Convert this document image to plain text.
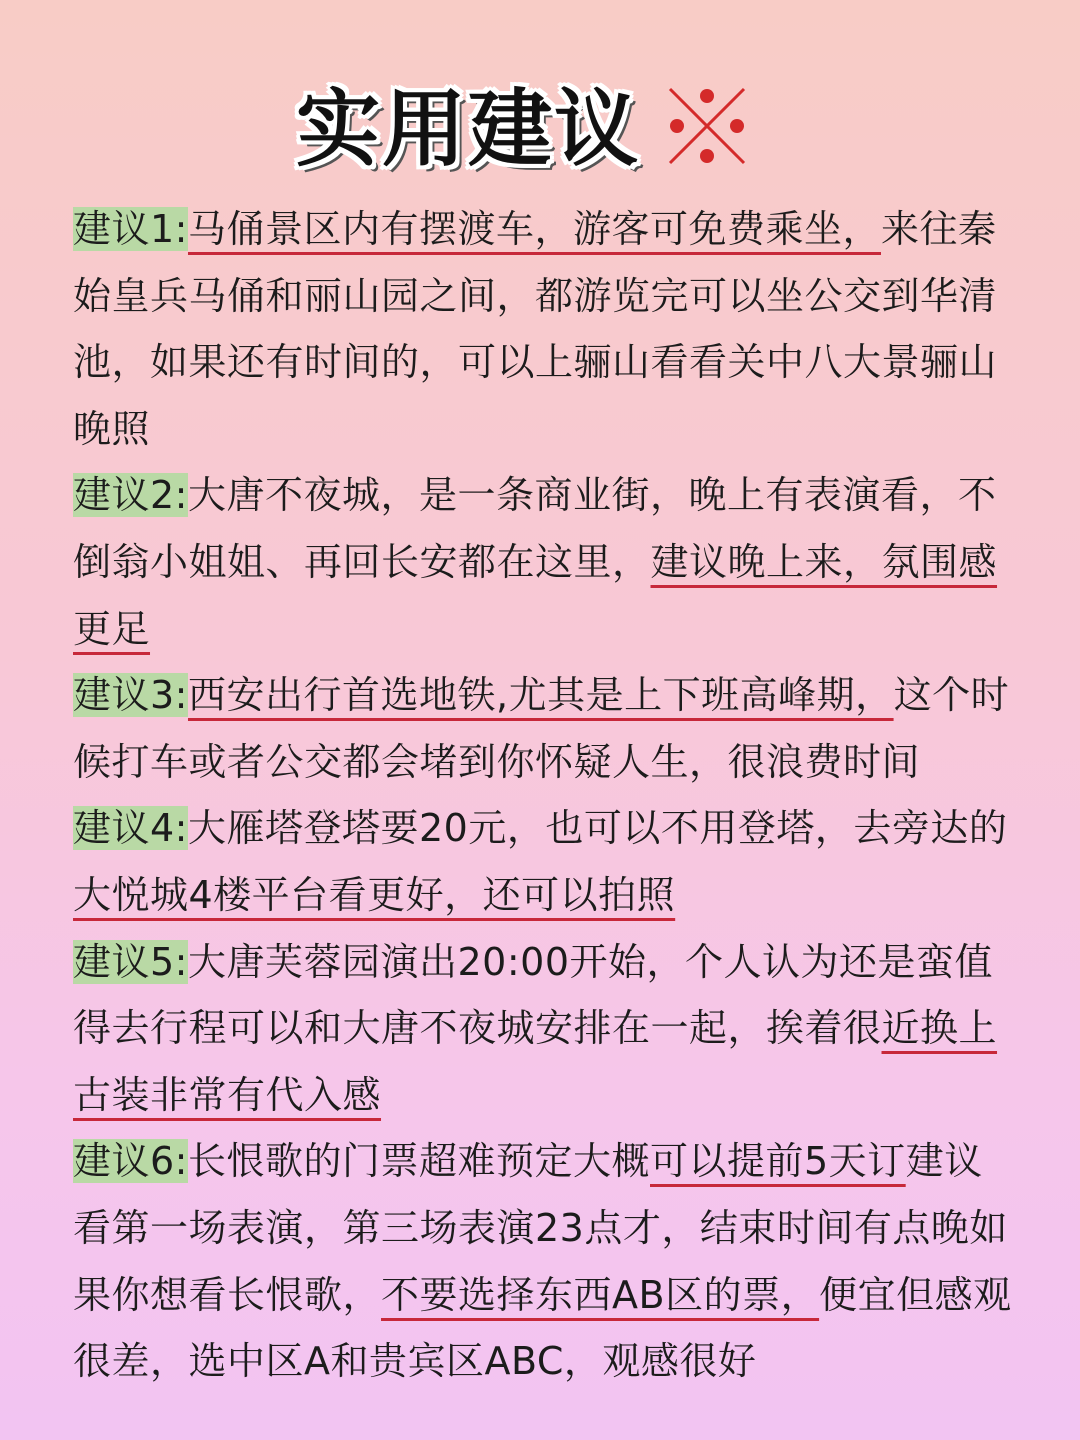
实用建议

建议1:马俑景区内有摆渡车，游客可免费乘坐，来往秦始皇兵马俑和丽山园之间，都游览完可以坐公交到华清池，如果还有时间的，可以上骊山看看关中八大景骊山晚照

建议2:大唐不夜城，是一条商业街，晚上有表演看，不倒翁小姐姐、再回长安都在这里，建议晚上来，氛围感更足

建议3:西安出行首选地铁,尤其是上下班高峰期，这个时候打车或者公交都会堵到你怀疑人生，很浪费时间

建议4:大雁塔登塔要20元，也可以不用登塔，去旁达的大悦城4楼平台看更好，还可以拍照

建议5:大唐芙蓉园演出20:00开始，个人认为还是蛮值得去行程可以和大唐不夜城安排在一起，挨着很近换上古装非常有代入感

建议6:长恨歌的门票超难预定大概可以提前5天订建议看第一场表演，第三场表演23点才，结束时间有点晚如果你想看长恨歌，不要选择东西AB区的票，便宜但感观很差，选中区A和贵宾区ABC，观感很好
